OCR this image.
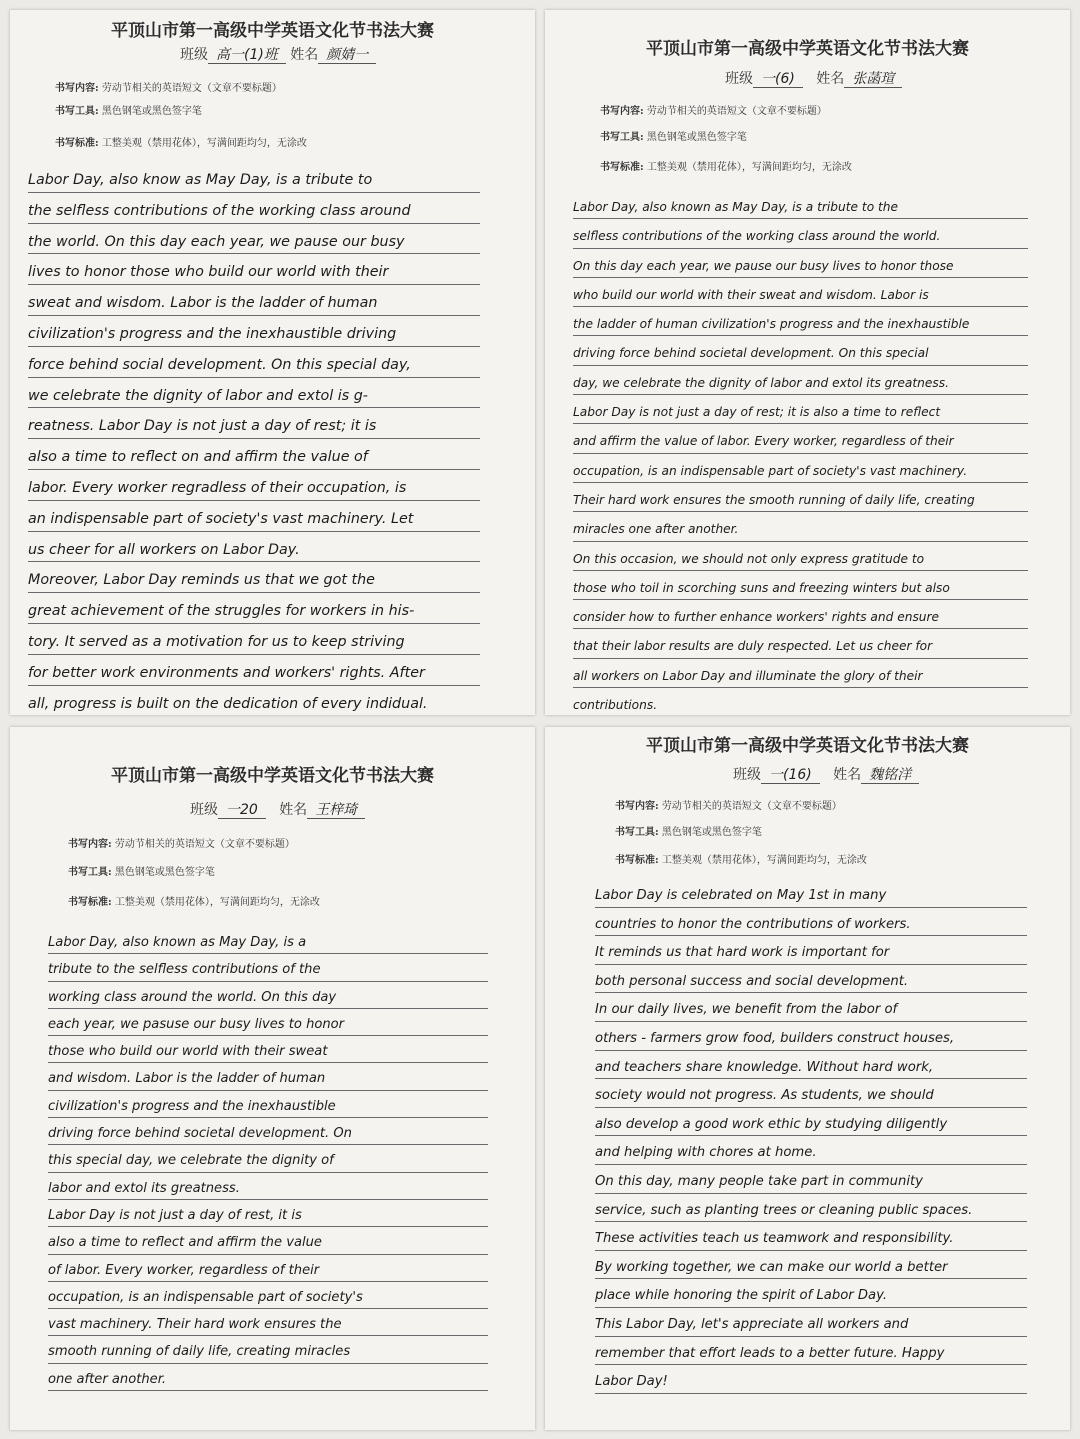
平顶山市第一高级中学英语文化节书法大赛
班级 高一(1)班 姓名 颜婧一
书写内容: 劳动节相关的英语短文（文章不要标题）
书写工具: 黑色钢笔或黑色签字笔
书写标准: 工整美观（禁用花体），写满间距均匀，无涂改
Labor Day, also know as May Day, is a tribute to
the selfless contributions of the working class around
the world. On this day each year, we pause our busy
lives to honor those who build our world with their
sweat and wisdom. Labor is the ladder of human
civilization's progress and the inexhaustible driving
force behind social development. On this special day,
we celebrate the dignity of labor and extol is g-
reatness. Labor Day is not just a day of rest; it is
also a time to reflect on and affirm the value of
labor. Every worker regradless of their occupation, is
an indispensable part of society's vast machinery. Let
us cheer for all workers on Labor Day.
Moreover, Labor Day reminds us that we got the
great achievement of the struggles for workers in his-
tory. It served as a motivation for us to keep striving
for better work environments and workers' rights. After
all, progress is built on the dedication of every indidual.
平顶山市第一高级中学英语文化节书法大赛
班级 一(6) 姓名 张菡瑄
书写内容: 劳动节相关的英语短文（文章不要标题）
书写工具: 黑色钢笔或黑色签字笔
书写标准: 工整美观（禁用花体），写满间距均匀，无涂改
Labor Day, also known as May Day, is a tribute to the
selfless contributions of the working class around the world.
On this day each year, we pause our busy lives to honor those
who build our world with their sweat and wisdom. Labor is
the ladder of human civilization's progress and the inexhaustible
driving force behind societal development. On this special
day, we celebrate the dignity of labor and extol its greatness.
Labor Day is not just a day of rest; it is also a time to reflect
and affirm the value of labor. Every worker, regardless of their
occupation, is an indispensable part of society's vast machinery.
Their hard work ensures the smooth running of daily life, creating
miracles one after another.
On this occasion, we should not only express gratitude to
those who toil in scorching suns and freezing winters but also
consider how to further enhance workers' rights and ensure
that their labor results are duly respected. Let us cheer for
all workers on Labor Day and illuminate the glory of their
contributions.
平顶山市第一高级中学英语文化节书法大赛
班级 一20 姓名 王梓琦
书写内容: 劳动节相关的英语短文（文章不要标题）
书写工具: 黑色钢笔或黑色签字笔
书写标准: 工整美观（禁用花体），写满间距均匀，无涂改
Labor Day, also known as May Day, is a
tribute to the selfless contributions of the
working class around the world. On this day
each year, we pasuse our busy lives to honor
those who build our world with their sweat
and wisdom. Labor is the ladder of human
civilization's progress and the inexhaustible
driving force behind societal development. On
this special day, we celebrate the dignity of
labor and extol its greatness.
Labor Day is not just a day of rest, it is
also a time to reflect and affirm the value
of labor. Every worker, regardless of their
occupation, is an indispensable part of society's
vast machinery. Their hard work ensures the
smooth running of daily life, creating miracles
one after another.
平顶山市第一高级中学英语文化节书法大赛
班级 一(16) 姓名 魏铭洋
书写内容: 劳动节相关的英语短文（文章不要标题）
书写工具: 黑色钢笔或黑色签字笔
书写标准: 工整美观（禁用花体），写满间距均匀，无涂改
Labor Day is celebrated on May 1st in many
countries to honor the contributions of workers.
It reminds us that hard work is important for
both personal success and social development.
In our daily lives, we benefit from the labor of
others - farmers grow food, builders construct houses,
and teachers share knowledge. Without hard work,
society would not progress. As students, we should
also develop a good work ethic by studying diligently
and helping with chores at home.
On this day, many people take part in community
service, such as planting trees or cleaning public spaces.
These activities teach us teamwork and responsibility.
By working together, we can make our world a better
place while honoring the spirit of Labor Day.
This Labor Day, let's appreciate all workers and
remember that effort leads to a better future. Happy
Labor Day!
